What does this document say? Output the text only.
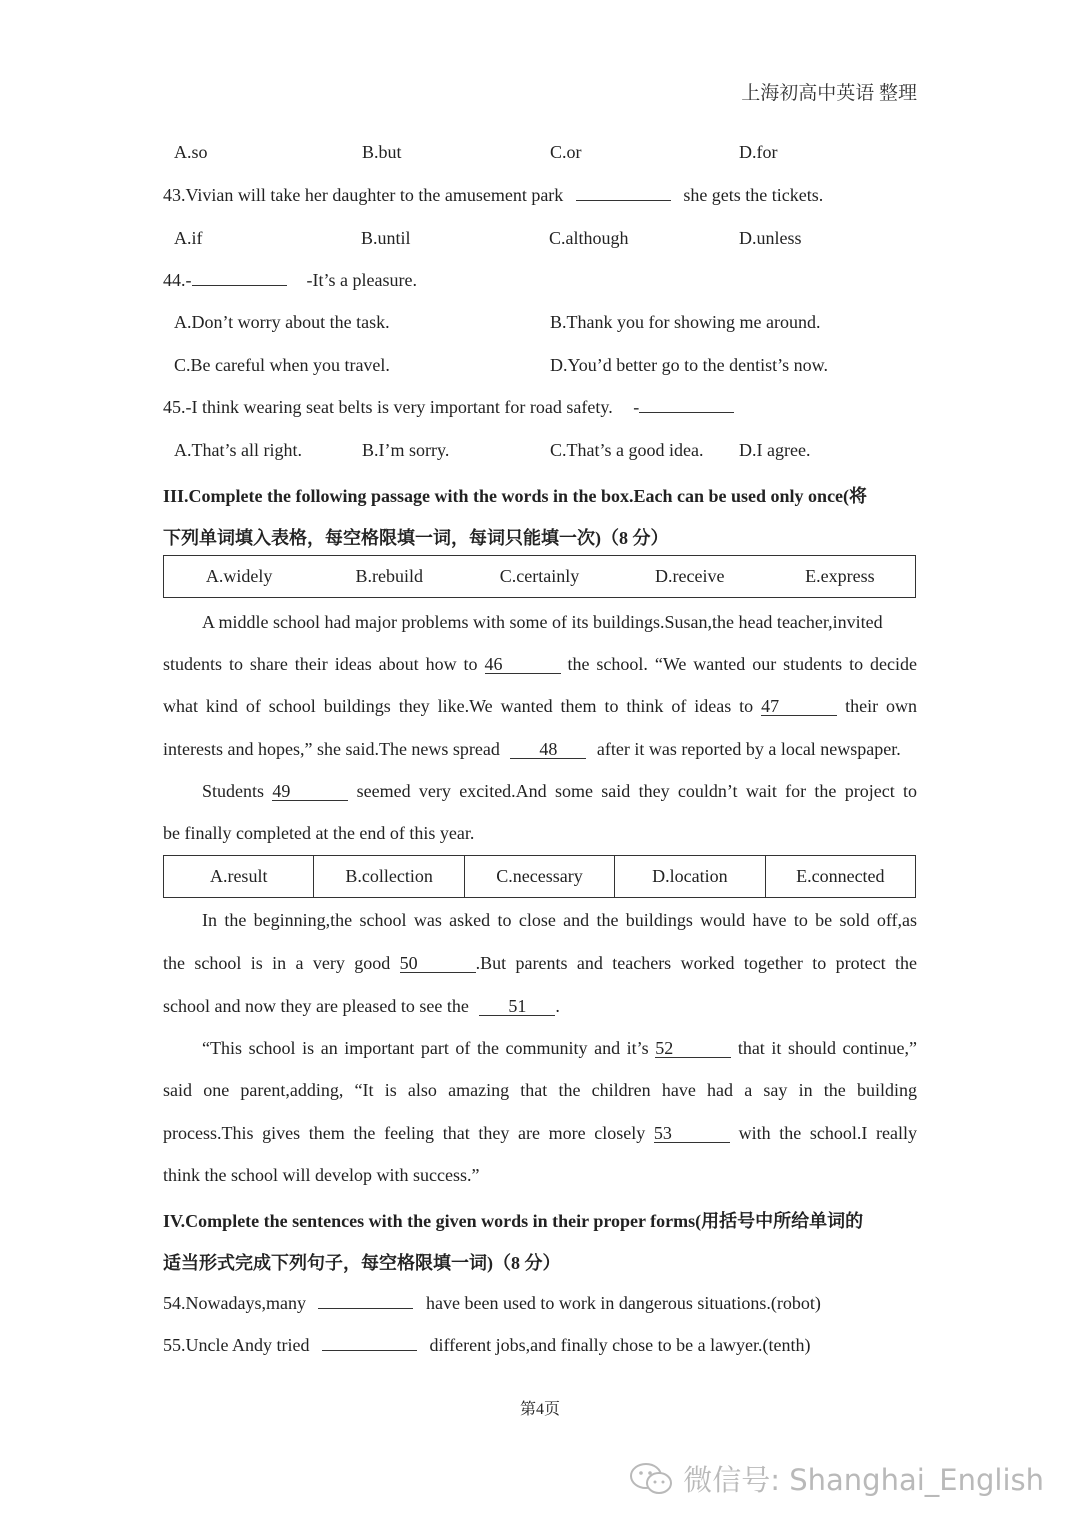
上海初高中英语 整理
A.so	B.but	C.or	D.for
43.Vivian will take her daughter to the amusement park	she gets the tickets.
A.if	B.until	C.although	D.unless
44.-	-It’s a pleasure.
A.Don’t worry about the task.	B.Thank you for showing me around.
C.Be careful when you travel.	D.You’d better go to the dentist’s now.
45.-I think wearing seat belts is very important for road safety. -
A.That’s all right.	B.I’m sorry.	C.That’s a good idea. D.I agree.
III.Complete the following passage with the words in the box.Each can be used only once(将
下列单词填入表格，每空格限填一词，每词只能填一次)（8 分）
A.widely	B.rebuild	C.certainly	D.receive	E.express
A middle school had major problems with some of its buildings.Susan,the head teacher,invited
students to share their ideas about how to 46	the school. “We wanted our students to decide
what kind of school buildings they like.We wanted them to think of ideas to 47	their own
interests and hopes,” she said.The news spread 48 after it was reported by a local newspaper.
Students 49	seemed very excited.And some said they couldn’t wait for the project to
be finally completed at the end of this year.
A.result	B.collection	C.necessary	D.location	E.connected
In the beginning,the school was asked to close and the buildings would have to be sold off,as
the school is in a very good 50	.But parents and teachers worked together to protect the
school and now they are pleased to see the 51 .
“This school is an important part of the community and it’s 52	that it should continue,”
said one parent,adding, “It is also amazing that the children have had a say in the building
process.This gives them the feeling that they are more closely 53	with the school.I really
think the school will develop with success.”
IV.Complete the sentences with the given words in their proper forms(用括号中所给单词的
适当形式完成下列句子，每空格限填一词)（8 分）
54.Nowadays,many	have been used to work in dangerous situations.(robot)
55.Uncle Andy tried	different jobs,and finally chose to be a lawyer.(tenth)
第4页
微信号: Shanghai_English
